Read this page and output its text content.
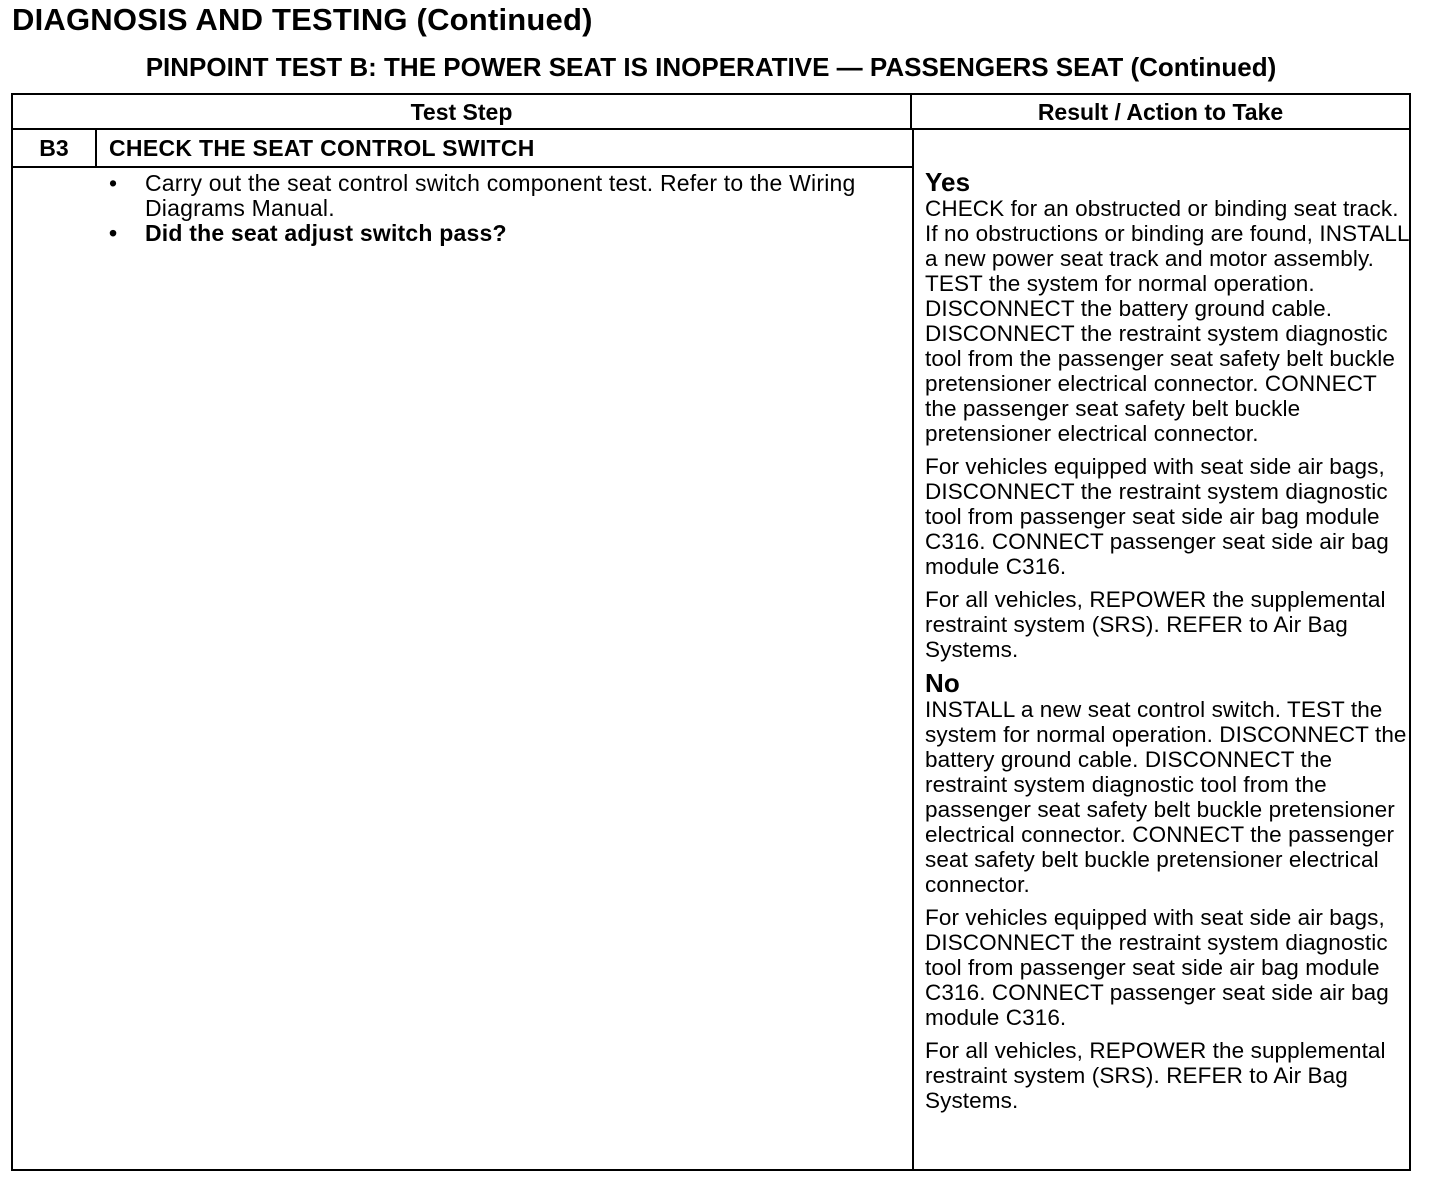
DIAGNOSIS AND TESTING (Continued)
PINPOINT TEST B: THE POWER SEAT IS INOPERATIVE — PASSENGERS SEAT (Continued)
Test Step	Result / Action to Take
B3	CHECK THE SEAT CONTROL SWITCH
• Carry out the seat control switch component test. Refer to the Wiring Diagrams Manual.
• Did the seat adjust switch pass?
Yes
CHECK for an obstructed or binding seat track. If no obstructions or binding are found, INSTALL a new power seat track and motor assembly. TEST the system for normal operation. DISCONNECT the battery ground cable. DISCONNECT the restraint system diagnostic tool from the passenger seat safety belt buckle pretensioner electrical connector. CONNECT the passenger seat safety belt buckle pretensioner electrical connector.
For vehicles equipped with seat side air bags, DISCONNECT the restraint system diagnostic tool from passenger seat side air bag module C316. CONNECT passenger seat side air bag module C316.
For all vehicles, REPOWER the supplemental restraint system (SRS). REFER to Air Bag Systems.
No
INSTALL a new seat control switch. TEST the system for normal operation. DISCONNECT the battery ground cable. DISCONNECT the restraint system diagnostic tool from the passenger seat safety belt buckle pretensioner electrical connector. CONNECT the passenger seat safety belt buckle pretensioner electrical connector.
For vehicles equipped with seat side air bags, DISCONNECT the restraint system diagnostic tool from passenger seat side air bag module C316. CONNECT passenger seat side air bag module C316.
For all vehicles, REPOWER the supplemental restraint system (SRS). REFER to Air Bag Systems.
